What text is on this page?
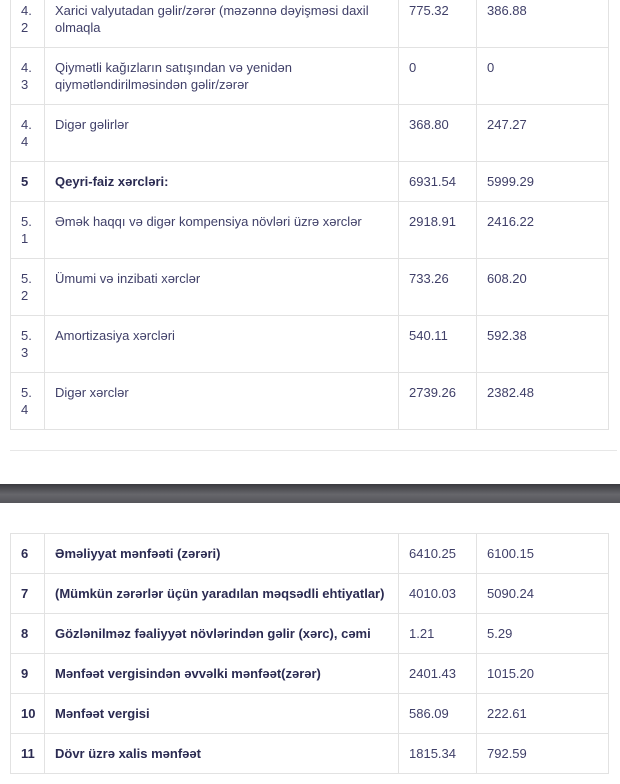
4.2	Xarici valyutadan gəlir/zərər (məzənnə dəyişməsi daxil olmaqla	775.32	386.88
4.3	Qiymətli kağızların satışından və yenidən qiymətləndirilməsindən gəlir/zərər	0	0
4.4	Digər gəlirlər	368.80	247.27
5	Qeyri-faiz xərcləri:	6931.54	5999.29
5.1	Əmək haqqı və digər kompensiya növləri üzrə xərclər	2918.91	2416.22
5.2	Ümumi və inzibati xərclər	733.26	608.20
5.3	Amortizasiya xərcləri	540.11	592.38
5.4	Digər xərclər	2739.26	2382.48
6	Əməliyyat mənfəəti (zərəri)	6410.25	6100.15
7	(Mümkün zərərlər üçün yaradılan məqsədli ehtiyatlar)	4010.03	5090.24
8	Gözlənilməz fəaliyyət növlərindən gəlir (xərc), cəmi	1.21	5.29
9	Mənfəət vergisindən əvvəlki mənfəət(zərər)	2401.43	1015.20
10	Mənfəət vergisi	586.09	222.61
11	Dövr üzrə xalis mənfəət	1815.34	792.59
